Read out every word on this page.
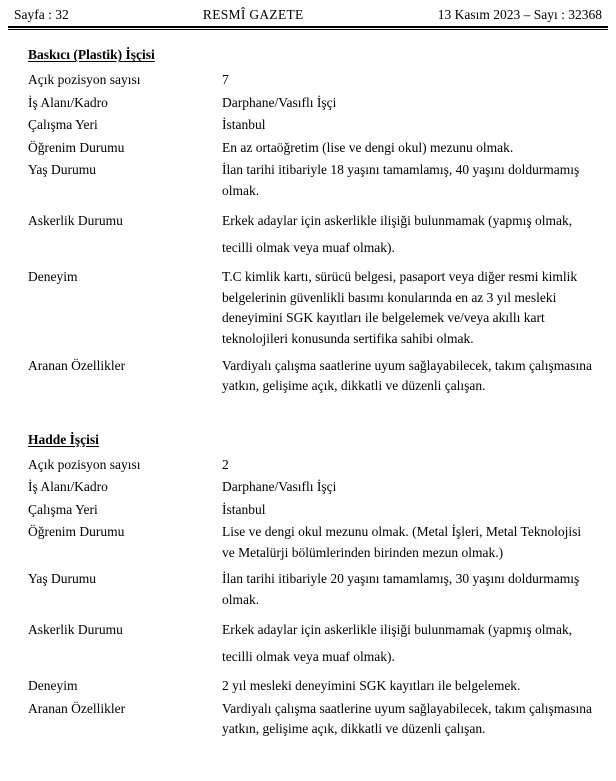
Sayfa : 32	RESMÎ GAZETE	13 Kasım 2023 – Sayı : 32368
Baskıcı (Plastik) İşçisi
Açık pozisyon sayısı	7
İş Alanı/Kadro	Darphane/Vasıflı İşçi
Çalışma Yeri	İstanbul
Öğrenim Durumu	En az ortaöğretim (lise ve dengi okul) mezunu olmak.
Yaş Durumu	İlan tarihi itibariyle 18 yaşını tamamlamış, 40 yaşını doldurmamış olmak.
Askerlik Durumu	Erkek adaylar için askerlikle ilişiği bulunmamak (yapmış olmak, tecilli olmak veya muaf olmak).
Deneyim	T.C kimlik kartı, sürücü belgesi, pasaport veya diğer resmi kimlik belgelerinin güvenlikli basımı konularında en az 3 yıl mesleki deneyimini SGK kayıtları ile belgelemek ve/veya akıllı kart teknolojileri konusunda sertifika sahibi olmak.
Aranan Özellikler	Vardiyalı çalışma saatlerine uyum sağlayabilecek, takım çalışmasına yatkın, gelişime açık, dikkatli ve düzenli çalışan.
Hadde İşçisi
Açık pozisyon sayısı	2
İş Alanı/Kadro	Darphane/Vasıflı İşçi
Çalışma Yeri	İstanbul
Öğrenim Durumu	Lise ve dengi okul mezunu olmak. (Metal İşleri, Metal Teknolojisi ve Metalürji bölümlerinden birinden mezun olmak.)
Yaş Durumu	İlan tarihi itibariyle 20 yaşını tamamlamış, 30 yaşını doldurmamış olmak.
Askerlik Durumu	Erkek adaylar için askerlikle ilişiği bulunmamak (yapmış olmak, tecilli olmak veya muaf olmak).
Deneyim	2 yıl mesleki deneyimini SGK kayıtları ile belgelemek.
Aranan Özellikler	Vardiyalı çalışma saatlerine uyum sağlayabilecek, takım çalışmasına yatkın, gelişime açık, dikkatli ve düzenli çalışan.
